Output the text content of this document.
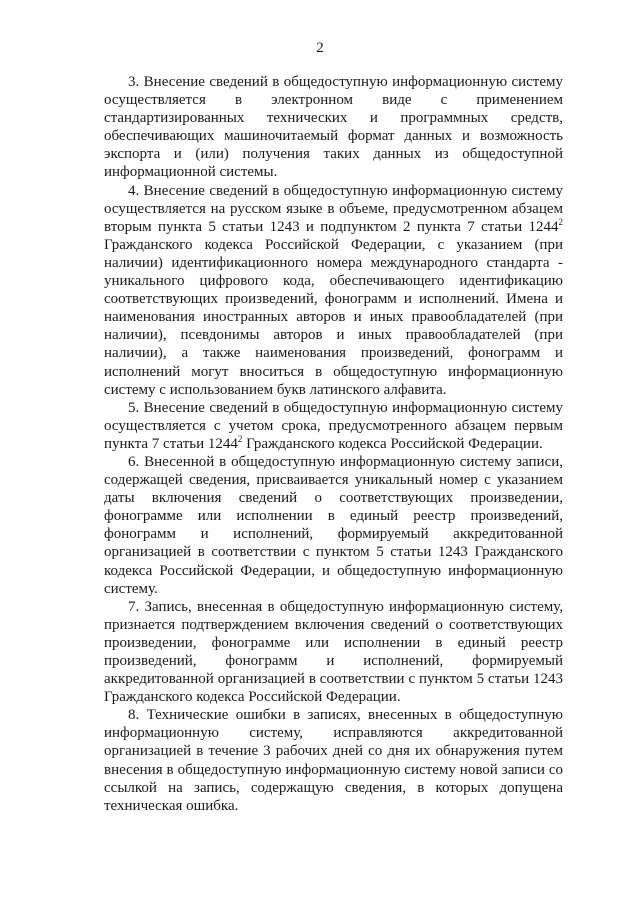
2

3. Внесение сведений в общедоступную информационную систему осуществляется в электронном виде с применением стандартизированных технических и программных средств, обеспечивающих машиночитаемый формат данных и возможность экспорта и (или) получения таких данных из общедоступной информационной системы.

4. Внесение сведений в общедоступную информационную систему осуществляется на русском языке в объеме, предусмотренном абзацем вторым пункта 5 статьи 1243 и подпунктом 2 пункта 7 статьи 1244$^2$ Гражданского кодекса Российской Федерации, с указанием (при наличии) идентификационного номера международного стандарта - уникального цифрового кода, обеспечивающего идентификацию соответствующих произведений, фонограмм и исполнений. Имена и наименования иностранных авторов и иных правообладателей (при наличии), псевдонимы авторов и иных правообладателей (при наличии), а также наименования произведений, фонограмм и исполнений могут вноситься в общедоступную информационную систему с использованием букв латинского алфавита.

5. Внесение сведений в общедоступную информационную систему осуществляется с учетом срока, предусмотренного абзацем первым пункта 7 статьи 1244$^2$ Гражданского кодекса Российской Федерации.

6. Внесенной в общедоступную информационную систему записи, содержащей сведения, присваивается уникальный номер с указанием даты включения сведений о соответствующих произведении, фонограмме или исполнении в единый реестр произведений, фонограмм и исполнений, формируемый аккредитованной организацией в соответствии с пунктом 5 статьи 1243 Гражданского кодекса Российской Федерации, и общедоступную информационную систему.

7. Запись, внесенная в общедоступную информационную систему, признается подтверждением включения сведений о соответствующих произведении, фонограмме или исполнении в единый реестр произведений, фонограмм и исполнений, формируемый аккредитованной организацией в соответствии с пунктом 5 статьи 1243 Гражданского кодекса Российской Федерации.

8. Технические ошибки в записях, внесенных в общедоступную информационную систему, исправляются аккредитованной организацией в течение 3 рабочих дней со дня их обнаружения путем внесения в общедоступную информационную систему новой записи со ссылкой на запись, содержащую сведения, в которых допущена техническая ошибка.
